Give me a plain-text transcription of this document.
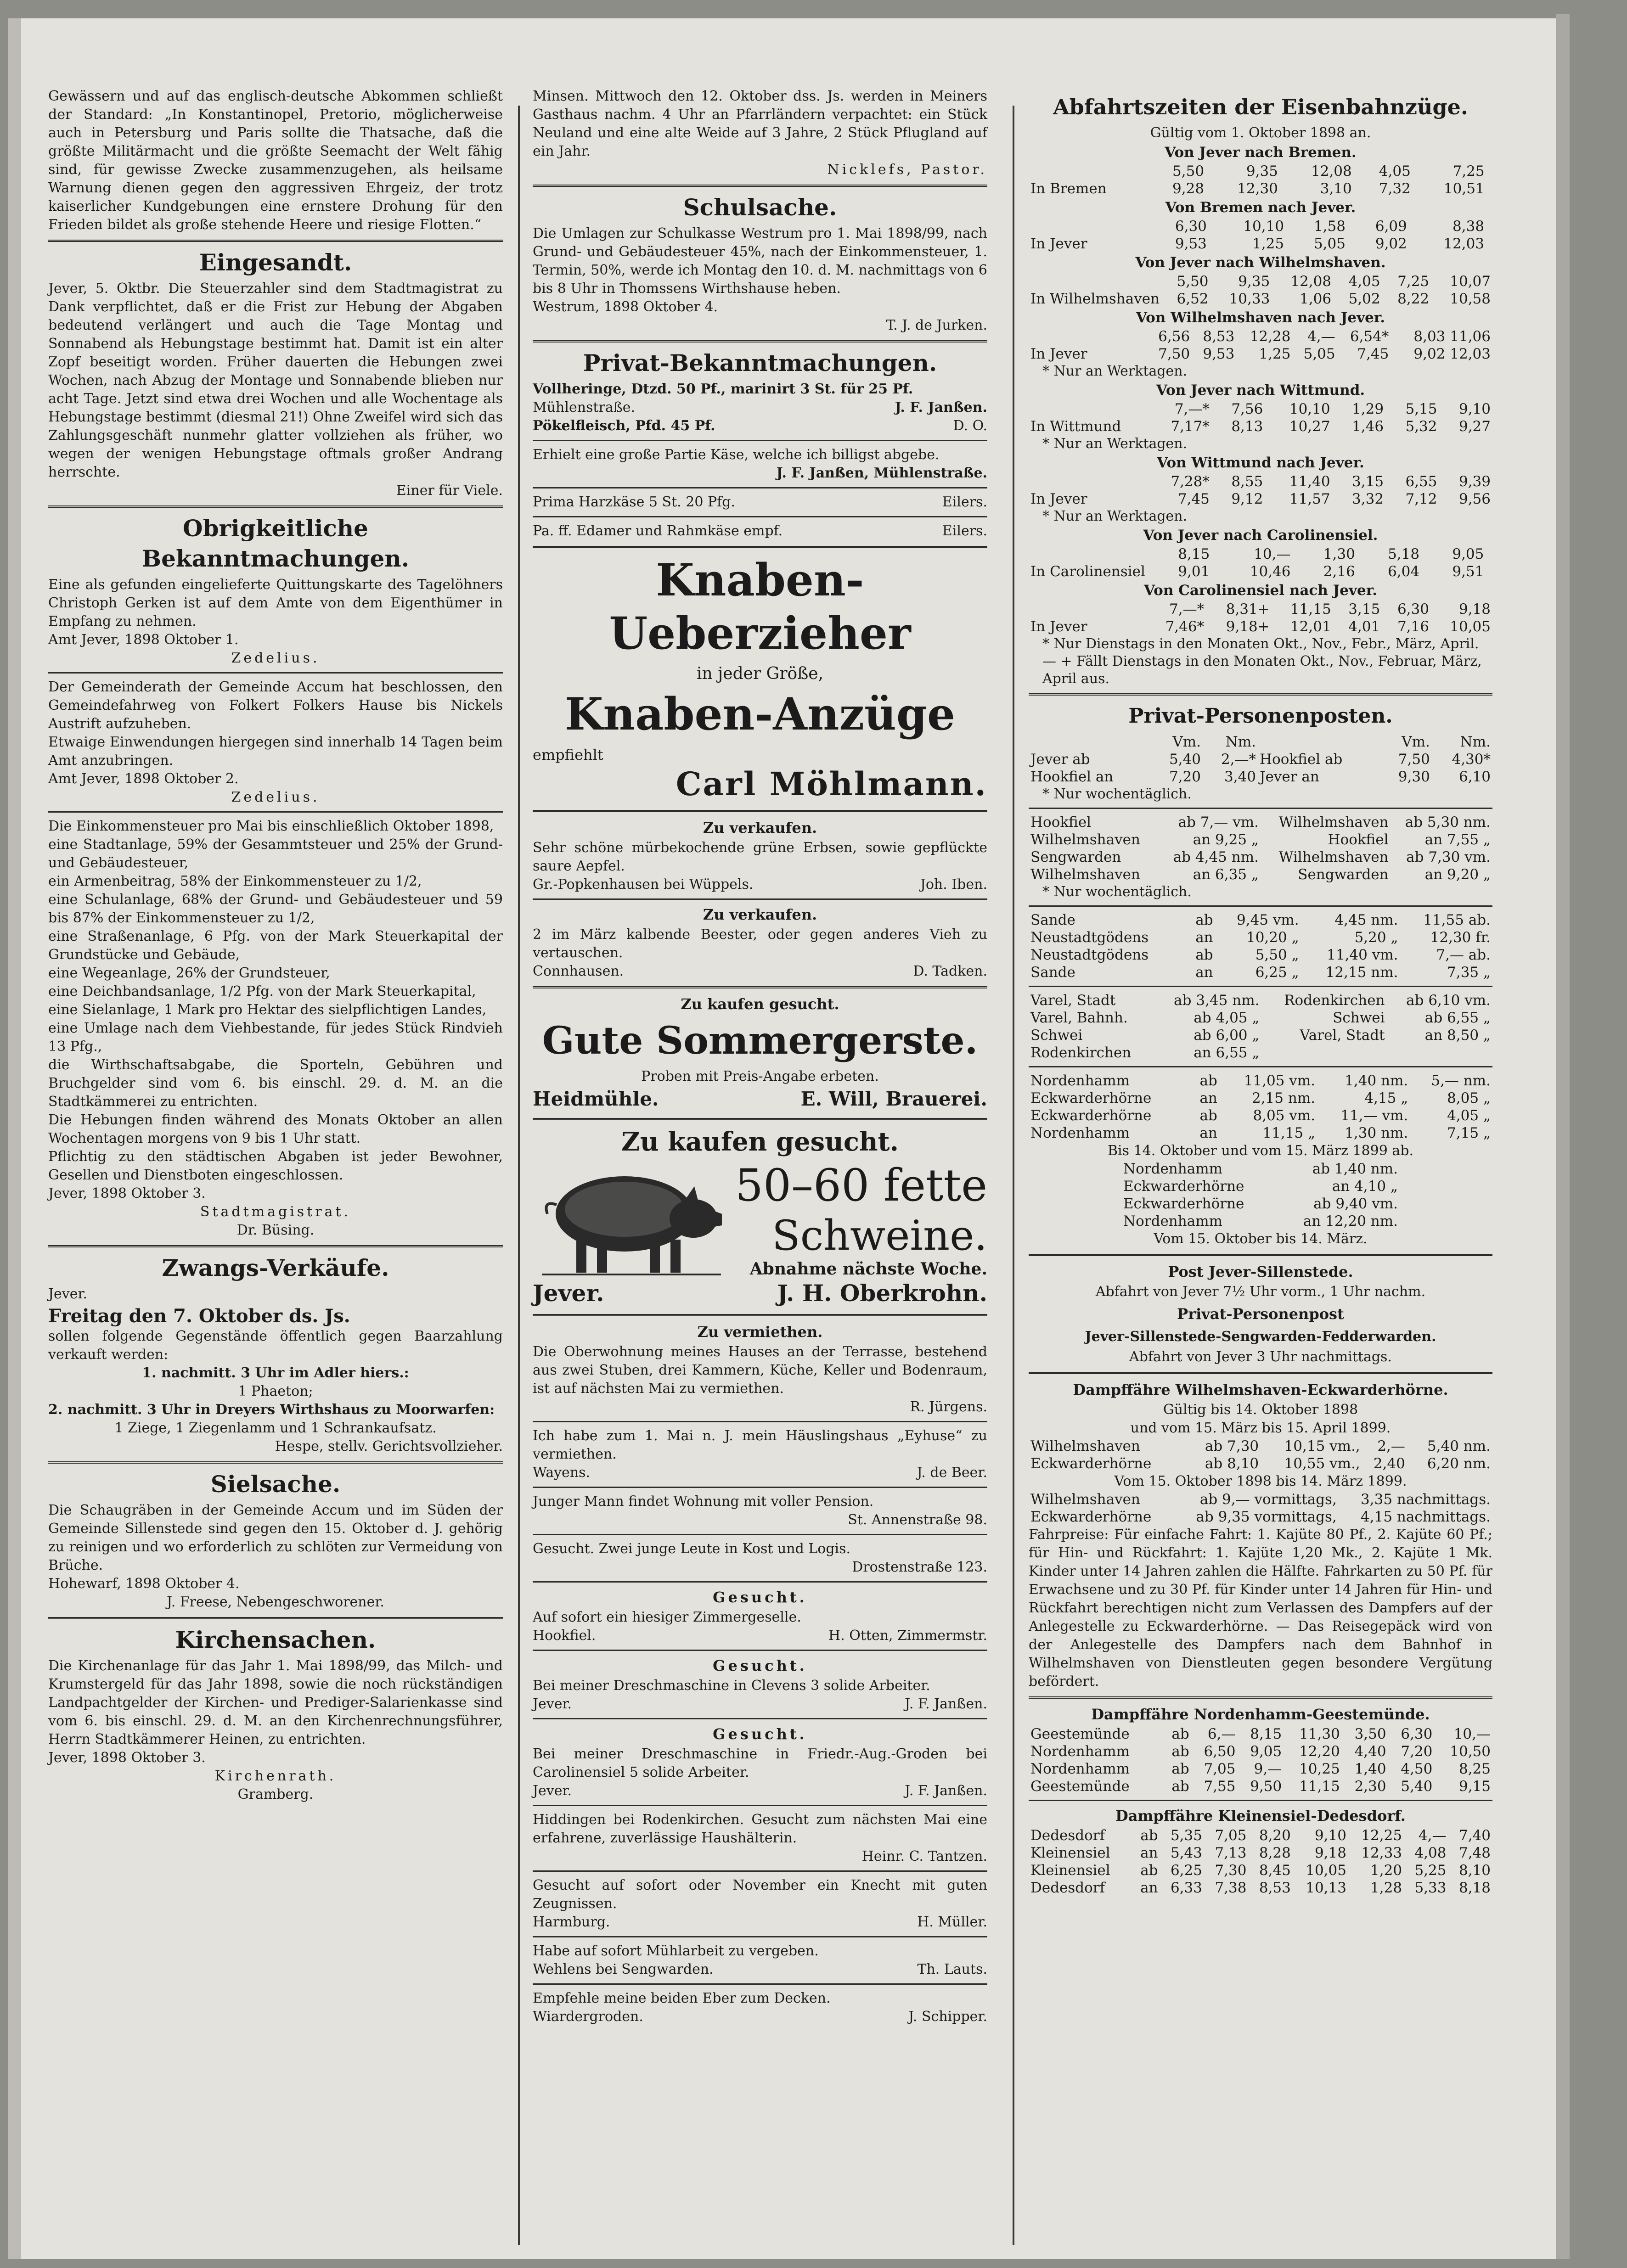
Gewässern und auf das englisch-deutsche Abkommen schließt der Standard: „In Konstantinopel, Pretorio, möglicherweise auch in Petersburg und Paris sollte die Thatsache, daß die größte Militärmacht und die größte Seemacht der Welt fähig sind, für gewisse Zwecke zusammenzugehen, als heilsame Warnung dienen gegen den aggressiven Ehrgeiz, der trotz kaiserlicher Kundgebungen eine ernstere Drohung für den Frieden bildet als große stehende Heere und riesige Flotten.“

Eingesandt.

Jever, 5. Oktbr. Die Steuerzahler sind dem Stadtmagistrat zu Dank verpflichtet, daß er die Frist zur Hebung der Abgaben bedeutend verlängert und auch die Tage Montag und Sonnabend als Hebungstage bestimmt hat. Damit ist ein alter Zopf beseitigt worden. Früher dauerten die Hebungen zwei Wochen, nach Abzug der Montage und Sonnabende blieben nur acht Tage. Jetzt sind etwa drei Wochen und alle Wochentage als Hebungstage bestimmt (diesmal 21!) Ohne Zweifel wird sich das Zahlungsgeschäft nunmehr glatter vollziehen als früher, wo wegen der wenigen Hebungstage oftmals großer Andrang herrschte.

Einer für Viele.

Obrigkeitliche Bekanntmachungen.

Eine als gefunden eingelieferte Quittungskarte des Tagelöhners Christoph Gerken ist auf dem Amte von dem Eigenthümer in Empfang zu nehmen.

Amt Jever, 1898 Oktober 1.

Zedelius.

Der Gemeinderath der Gemeinde Accum hat beschlossen, den Gemeindefahrweg von Folkert Folkers Hause bis Nickels Austrift aufzuheben.

Etwaige Einwendungen hiergegen sind innerhalb 14 Tagen beim Amt anzubringen.

Amt Jever, 1898 Oktober 2.

Zedelius.

Die Einkommensteuer pro Mai bis einschließlich Oktober 1898,

eine Stadtanlage, 59% der Gesammtsteuer und 25% der Grund- und Gebäudesteuer,

ein Armenbeitrag, 58% der Einkommensteuer zu 1/2,

eine Schulanlage, 68% der Grund- und Gebäudesteuer und 59 bis 87% der Einkommensteuer zu 1/2,

eine Straßenanlage, 6 Pfg. von der Mark Steuerkapital der Grundstücke und Gebäude,

eine Wegeanlage, 26% der Grundsteuer,

eine Deichbandsanlage, 1/2 Pfg. von der Mark Steuerkapital,

eine Sielanlage, 1 Mark pro Hektar des sielpflichtigen Landes,

eine Umlage nach dem Viehbestande, für jedes Stück Rindvieh 13 Pfg.,

die Wirthschaftsabgabe, die Sporteln, Gebühren und Bruchgelder sind vom 6. bis einschl. 29. d. M. an die Stadtkämmerei zu entrichten.

Die Hebungen finden während des Monats Oktober an allen Wochentagen morgens von 9 bis 1 Uhr statt.

Pflichtig zu den städtischen Abgaben ist jeder Bewohner, Gesellen und Dienstboten eingeschlossen.

Jever, 1898 Oktober 3.

Stadtmagistrat.

Dr. Büsing.

Zwangs-Verkäufe.

Jever.

Freitag den 7. Oktober ds. Js.

sollen folgende Gegenstände öffentlich gegen Baarzahlung verkauft werden:

1. nachmitt. 3 Uhr im Adler hiers.:

1 Phaeton;

2. nachmitt. 3 Uhr in Dreyers Wirthshaus zu Moorwarfen:

1 Ziege, 1 Ziegenlamm und 1 Schrankaufsatz.

Hespe, stellv. Gerichtsvollzieher.

Sielsache.

Die Schaugräben in der Gemeinde Accum und im Süden der Gemeinde Sillenstede sind gegen den 15. Oktober d. J. gehörig zu reinigen und wo erforderlich zu schlöten zur Vermeidung von Brüche.

Hohewarf, 1898 Oktober 4.

J. Freese, Nebengeschworener.

Kirchensachen.

Die Kirchenanlage für das Jahr 1. Mai 1898/99, das Milch- und Krumstergeld für das Jahr 1898, sowie die noch rückständigen Landpachtgelder der Kirchen- und Prediger-Salarienkasse sind vom 6. bis einschl. 29. d. M. an den Kirchenrechnungsführer, Herrn Stadtkämmerer Heinen, zu entrichten.

Jever, 1898 Oktober 3.

Kirchenrath.

Gramberg.

Minsen. Mittwoch den 12. Oktober dss. Js. werden in Meiners Gasthaus nachm. 4 Uhr an Pfarrländern verpachtet: ein Stück Neuland und eine alte Weide auf 3 Jahre, 2 Stück Pflugland auf ein Jahr.

Nicklefs, Pastor.

Schulsache.

Die Umlagen zur Schulkasse Westrum pro 1. Mai 1898/99, nach Grund- und Gebäudesteuer 45%, nach der Einkommensteuer, 1. Termin, 50%, werde ich Montag den 10. d. M. nachmittags von 6 bis 8 Uhr in Thomssens Wirthshause heben.

Westrum, 1898 Oktober 4.

T. J. de Jurken.

Privat-Bekanntmachungen.

Vollheringe, Dtzd. 50 Pf., marinirt 3 St. für 25 Pf.

Mühlenstraße.	J. F. Janßen.

Pökelfleisch, Pfd. 45 Pf.	D. O.

Erhielt eine große Partie Käse, welche ich billigst abgebe.

J. F. Janßen, Mühlenstraße.

Prima Harzkäse 5 St. 20 Pfg.	Eilers.

Pa. ff. Edamer und Rahmkäse empf.	Eilers.

Knaben-Ueberzieher

in jeder Größe,

Knaben-Anzüge

empfiehlt

Carl Möhlmann.
Zu verkaufen.

Sehr schöne mürbekochende grüne Erbsen, sowie gepflückte saure Aepfel.

Gr.-Popkenhausen bei Wüppels.	Joh. Iben.

Zu verkaufen.

2 im März kalbende Beester, oder gegen anderes Vieh zu vertauschen.

Connhausen.	D. Tadken.

Zu kaufen gesucht.
Gute Sommergerste.

Proben mit Preis-Angabe erbeten.

Heidmühle.	E. Will, Brauerei.
Zu kaufen gesucht.
50–60 fette
Schweine.

Abnahme nächste Woche.

Jever.	J. H. Oberkrohn.
Zu vermiethen.

Die Oberwohnung meines Hauses an der Terrasse, bestehend aus zwei Stuben, drei Kammern, Küche, Keller und Bodenraum, ist auf nächsten Mai zu vermiethen.

R. Jürgens.

Ich habe zum 1. Mai n. J. mein Häuslingshaus „Eyhuse“ zu vermiethen.

Wayens.	J. de Beer.

Junger Mann findet Wohnung mit voller Pension.

St. Annenstraße 98.

Gesucht. Zwei junge Leute in Kost und Logis.

Drostenstraße 123.

Gesucht.

Auf sofort ein hiesiger Zimmergeselle.

Hookfiel.	H. Otten, Zimmermstr.

Gesucht.

Bei meiner Dreschmaschine in Clevens 3 solide Arbeiter.

Jever.	J. F. Janßen.

Gesucht.

Bei meiner Dreschmaschine in Friedr.-Aug.-Groden bei Carolinensiel 5 solide Arbeiter.

Jever.	J. F. Janßen.

Hiddingen bei Rodenkirchen. Gesucht zum nächsten Mai eine erfahrene, zuverlässige Haushälterin.

Heinr. C. Tantzen.

Gesucht auf sofort oder November ein Knecht mit guten Zeugnissen.

Harmburg.	H. Müller.

Habe auf sofort Mühlarbeit zu vergeben.

Wehlens bei Sengwarden.	Th. Lauts.

Empfehle meine beiden Eber zum Decken.

Wiardergroden.	J. Schipper.

Abfahrtszeiten der Eisenbahnzüge.

Gültig vom 1. Oktober 1898 an.

Von Jever nach Bremen.
	5,50	9,35	12,08	4,05	7,25	
In Bremen	9,28	12,30	3,10	7,32	10,51	
Von Bremen nach Jever.
	6,30	10,10	1,58	6,09	8,38	
In Jever	9,53	1,25	5,05	9,02	12,03	
Von Jever nach Wilhelmshaven.
	5,50	9,35	12,08	4,05	7,25	10,07
In Wilhelmshaven	6,52	10,33	1,06	5,02	8,22	10,58
Von Wilhelmshaven nach Jever.
	6,56	8,53	12,28	4,—	6,54*	8,03 11,06
In Jever	7,50	9,53	1,25	5,05	7,45	9,02 12,03

* Nur an Werktagen.

Von Jever nach Wittmund.
	7,—*	7,56	10,10	1,29	5,15	9,10
In Wittmund	7,17*	8,13	10,27	1,46	5,32	9,27

* Nur an Werktagen.

Von Wittmund nach Jever.
	7,28*	8,55	11,40	3,15	6,55	9,39
In Jever	7,45	9,12	11,57	3,32	7,12	9,56

* Nur an Werktagen.

Von Jever nach Carolinensiel.
	8,15	10,—	1,30	5,18	9,05	
In Carolinensiel	9,01	10,46	2,16	6,04	9,51	
Von Carolinensiel nach Jever.
	7,—*	8,31+	11,15	3,15	6,30	9,18
In Jever	7,46*	9,18+	12,01	4,01	7,16	10,05

* Nur Dienstags in den Monaten Okt., Nov., Febr., März, April. — + Fällt Dienstags in den Monaten Okt., Nov., Februar, März, April aus.

Privat-Personenposten.
	Vm.	Nm.		Vm.	Nm.
Jever ab	5,40	2,—*	Hookfiel ab	7,50	4,30*
Hookfiel an	7,20	3,40	Jever an	9,30	6,10

* Nur wochentäglich.

Hookfiel	ab 7,— vm.	Wilhelmshaven	ab 5,30 nm.
Wilhelmshaven	an 9,25 „	Hookfiel	an 7,55 „
Sengwarden	ab 4,45 nm.	Wilhelmshaven	ab 7,30 vm.
Wilhelmshaven	an 6,35 „	Sengwarden	an 9,20 „

* Nur wochentäglich.

Sande	ab	9,45 vm.	4,45 nm.	11,55 ab.
Neustadtgödens	an	10,20 „	5,20 „	12,30 fr.
Neustadtgödens	ab	5,50 „	11,40 vm.	7,— ab.
Sande	an	6,25 „	12,15 nm.	7,35 „
Varel, Stadt	ab 3,45 nm.	Rodenkirchen	ab 6,10 vm.
Varel, Bahnh.	ab 4,05 „	Schwei	ab 6,55 „
Schwei	ab 6,00 „	Varel, Stadt	an 8,50 „
Rodenkirchen	an 6,55 „		
Nordenhamm	ab	11,05 vm.	1,40 nm.	5,— nm.
Eckwarderhörne	an	2,15 nm.	4,15 „	8,05 „
Eckwarderhörne	ab	8,05 vm.	11,— vm.	4,05 „
Nordenhamm	an	11,15 „	1,30 nm.	7,15 „

Bis 14. Oktober und vom 15. März 1899 ab.

Nordenhamm	ab 1,40 nm.
Eckwarderhörne	an 4,10 „
Eckwarderhörne	ab 9,40 vm.
Nordenhamm	an 12,20 nm.

Vom 15. Oktober bis 14. März.

Post Jever-Sillenstede.

Abfahrt von Jever 7½ Uhr vorm., 1 Uhr nachm.

Privat-Personenpost
Jever-Sillenstede-Sengwarden-Fedderwarden.

Abfahrt von Jever 3 Uhr nachmittags.

Dampffähre Wilhelmshaven-Eckwarderhörne.

Gültig bis 14. Oktober 1898

und vom 15. März bis 15. April 1899.

Wilhelmshaven	ab 7,30	10,15 vm.,	2,—	5,40 nm.
Eckwarderhörne	ab 8,10	10,55 vm.,	2,40	6,20 nm.

Vom 15. Oktober 1898 bis 14. März 1899.

Wilhelmshaven	ab 9,— vormittags,	3,35 nachmittags.
Eckwarderhörne	ab 9,35 vormittags,	4,15 nachmittags.

Fahrpreise: Für einfache Fahrt: 1. Kajüte 80 Pf., 2. Kajüte 60 Pf.; für Hin- und Rückfahrt: 1. Kajüte 1,20 Mk., 2. Kajüte 1 Mk. Kinder unter 14 Jahren zahlen die Hälfte. Fahrkarten zu 50 Pf. für Erwachsene und zu 30 Pf. für Kinder unter 14 Jahren für Hin- und Rückfahrt berechtigen nicht zum Verlassen des Dampfers auf der Anlegestelle zu Eckwarderhörne. — Das Reisegepäck wird von der Anlegestelle des Dampfers nach dem Bahnhof in Wilhelmshaven von Dienstleuten gegen besondere Vergütung befördert.

Dampffähre Nordenhamm-Geestemünde.
Geestemünde	ab	6,—	8,15	11,30	3,50	6,30	10,—
Nordenhamm	ab	6,50	9,05	12,20	4,40	7,20	10,50
Nordenhamm	ab	7,05	9,—	10,25	1,40	4,50	8,25
Geestemünde	ab	7,55	9,50	11,15	2,30	5,40	9,15
Dampffähre Kleinensiel-Dedesdorf.
Dedesdorf	ab	5,35	7,05	8,20	9,10	12,25	4,—	7,40
Kleinensiel	an	5,43	7,13	8,28	9,18	12,33	4,08	7,48
Kleinensiel	ab	6,25	7,30	8,45	10,05	1,20	5,25	8,10
Dedesdorf	an	6,33	7,38	8,53	10,13	1,28	5,33	8,18
